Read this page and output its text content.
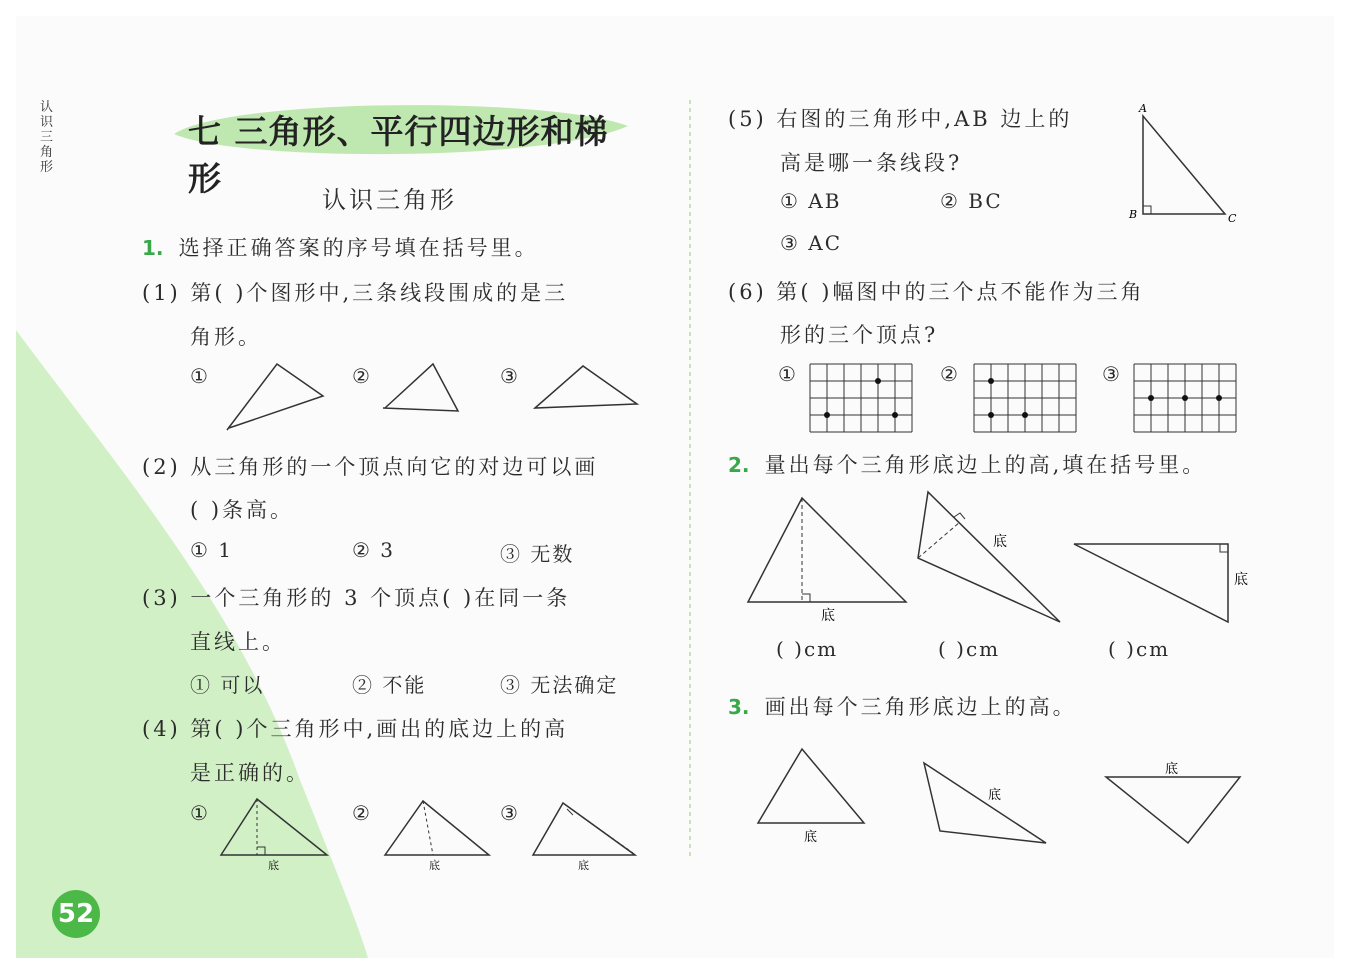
认识三角形
七 三角形、平行四边形和梯形
认识三角形
1. 选择正确答案的序号填在括号里。
(1) 第( )个图形中,三条线段围成的是三
角形。
①	②	③
(2) 从三角形的一个顶点向它的对边可以画
( )条高。
① 1	② 3	③ 无数
(3) 一个三角形的 3 个顶点( )在同一条
直线上。
① 可以	② 不能	③ 无法确定
(4) 第( )个三角形中,画出的底边上的高
是正确的。
①	②	③
底	底	底
(5) 右图的三角形中,AB 边上的
高是哪一条线段?
① AB	② BC
③ AC
A
B	C
(6) 第( )幅图中的三个点不能作为三角
形的三个顶点?
①	②	③
2. 量出每个三角形底边上的高,填在括号里。
底
底
底
( )cm	( )cm	( )cm
3. 画出每个三角形底边上的高。
底
底
底
52
